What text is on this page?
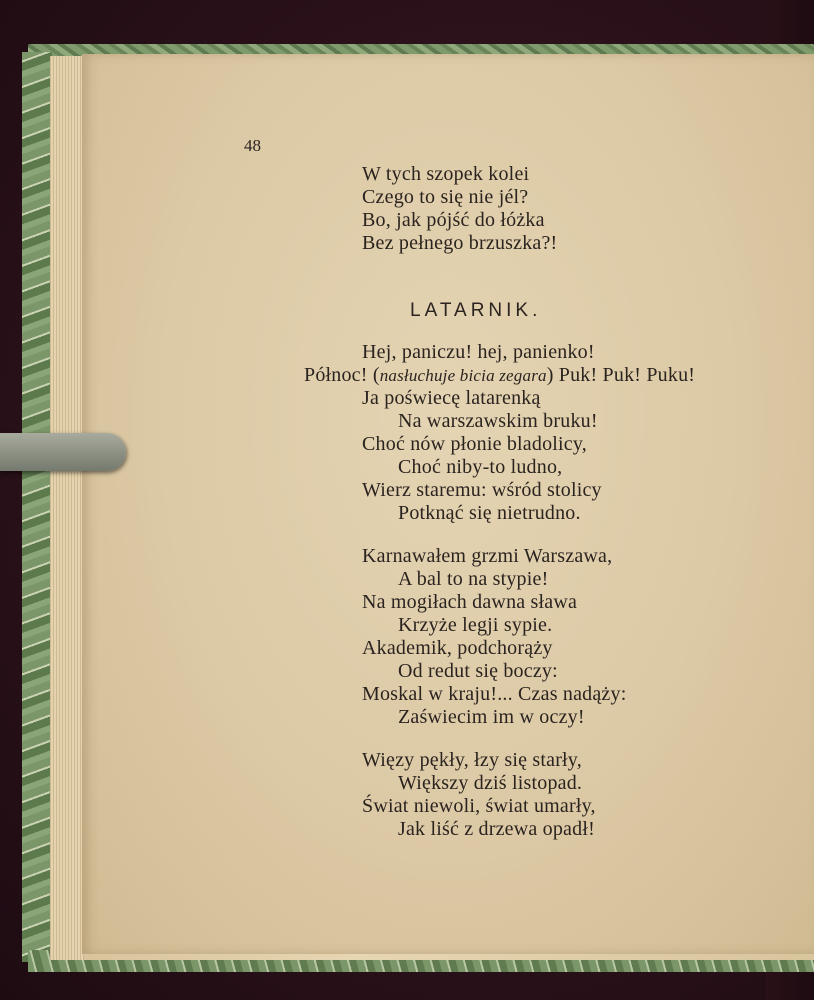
48
W tych szopek kolei
Czego to się nie jél?
Bo, jak pójść do łóżka
Bez pełnego brzuszka?!
LATARNIK.
Hej, paniczu! hej, panienko!
Północ! (nasłuchuje bicia zegara) Puk! Puk! Puku!
Ja poświecę latarenką
Na warszawskim bruku!
Choć nów płonie bladolicy,
Choć niby-to ludno,
Wierz staremu: wśród stolicy
Potknąć się nietrudno.
Karnawałem grzmi Warszawa,
A bal to na stypie!
Na mogiłach dawna sława
Krzyże legji sypie.
Akademik, podchorąży
Od redut się boczy:
Moskal w kraju!... Czas nadąży:
Zaświecim im w oczy!
Więzy pękły, łzy się starły,
Większy dziś listopad.
Świat niewoli, świat umarły,
Jak liść z drzewa opadł!
